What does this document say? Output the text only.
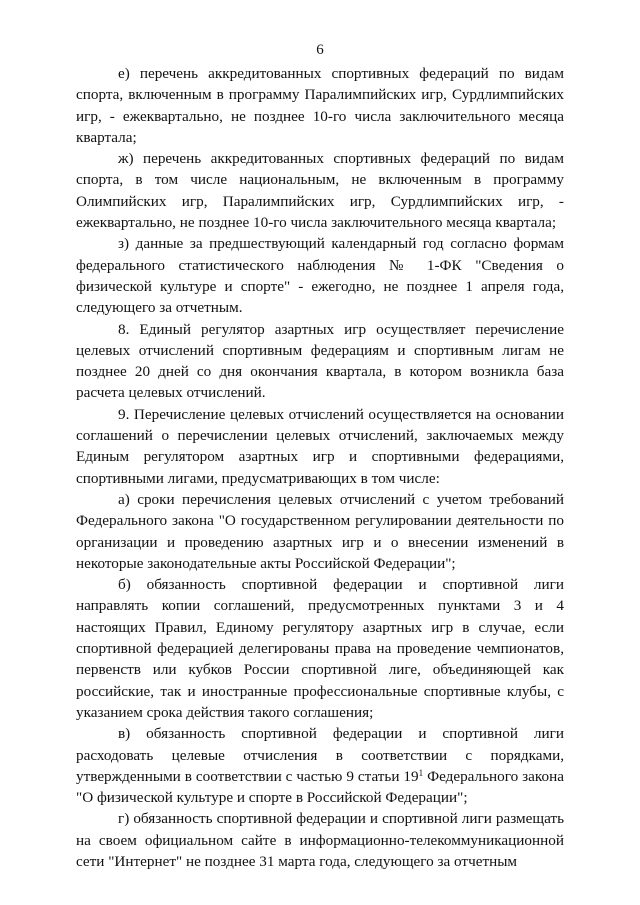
6

е) перечень аккредитованных спортивных федераций по видам спорта, включенным в программу Паралимпийских игр, Сурдлимпийских игр, - ежеквартально, не позднее 10-го числа заключительного месяца квартала;

ж) перечень аккредитованных спортивных федераций по видам спорта, в том числе национальным, не включенным в программу Олимпийских игр, Паралимпийских игр, Сурдлимпийских игр, - ежеквартально, не позднее 10-го числа заключительного месяца квартала;

з) данные за предшествующий календарный год согласно формам федерального статистического наблюдения № 1-ФК "Сведения о физической культуре и спорте" - ежегодно, не позднее 1 апреля года, следующего за отчетным.

8. Единый регулятор азартных игр осуществляет перечисление целевых отчислений спортивным федерациям и спортивным лигам не позднее 20 дней со дня окончания квартала, в котором возникла база расчета целевых отчислений.

9. Перечисление целевых отчислений осуществляется на основании соглашений о перечислении целевых отчислений, заключаемых между Единым регулятором азартных игр и спортивными федерациями, спортивными лигами, предусматривающих в том числе:

а) сроки перечисления целевых отчислений с учетом требований Федерального закона "О государственном регулировании деятельности по организации и проведению азартных игр и о внесении изменений в некоторые законодательные акты Российской Федерации";

б) обязанность спортивной федерации и спортивной лиги направлять копии соглашений, предусмотренных пунктами 3 и 4 настоящих Правил, Единому регулятору азартных игр в случае, если спортивной федерацией делегированы права на проведение чемпионатов, первенств или кубков России спортивной лиге, объединяющей как российские, так и иностранные профессиональные спортивные клубы, с указанием срока действия такого соглашения;

в) обязанность спортивной федерации и спортивной лиги расходовать целевые отчисления в соответствии с порядками, утвержденными в соответствии с частью 9 статьи $19^1$ Федерального закона "О физической культуре и спорте в Российской Федерации";

г) обязанность спортивной федерации и спортивной лиги размещать на своем официальном сайте в информационно-телекоммуникационной сети "Интернет" не позднее 31 марта года, следующего за отчетным
